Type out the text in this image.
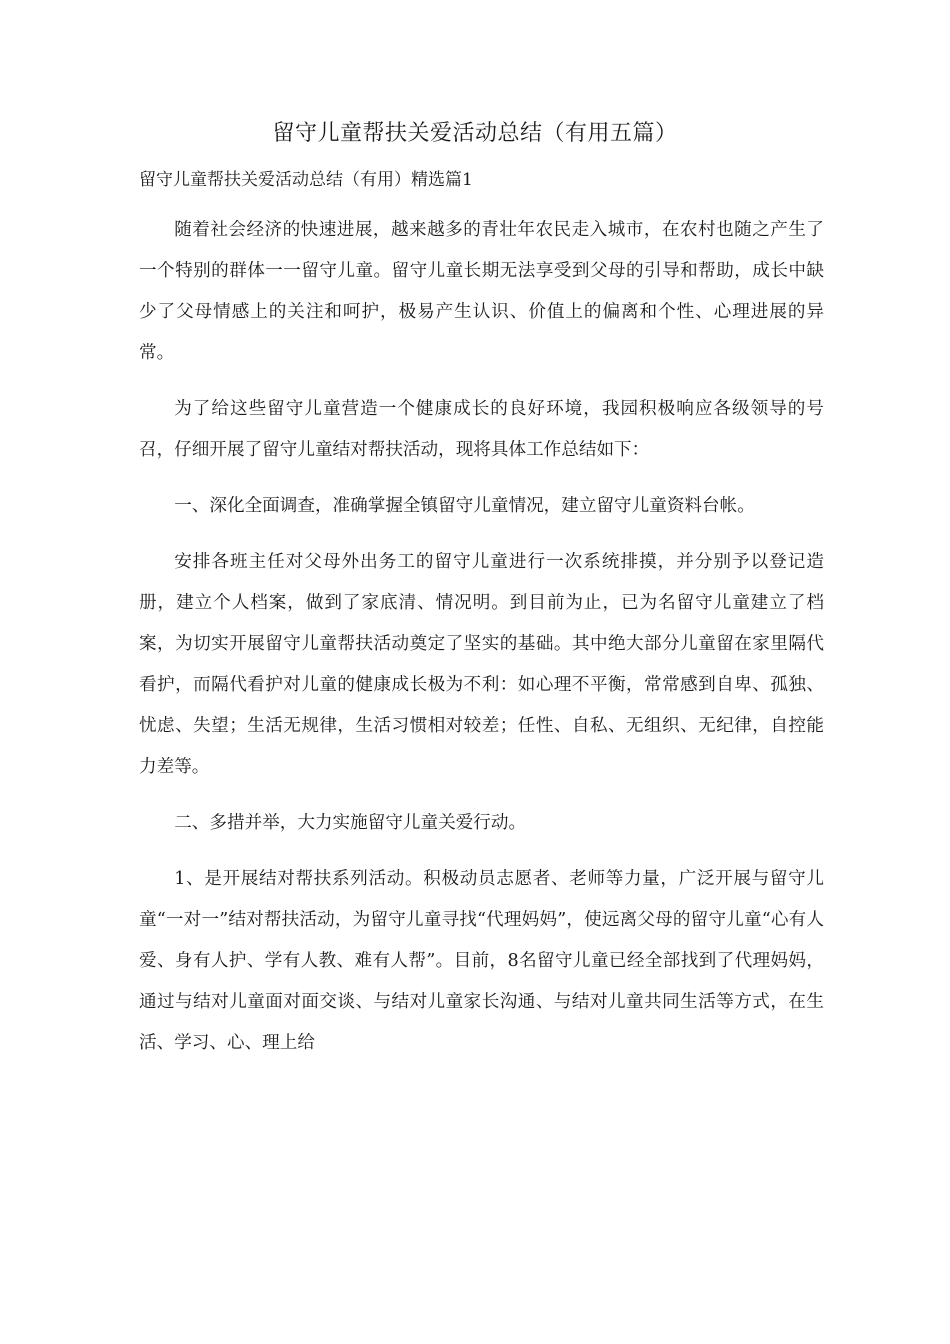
留守儿童帮扶关爱活动总结（有用五篇）

留守儿童帮扶关爱活动总结（有用）精选篇1

随着社会经济的快速进展，越来越多的青壮年农民走入城市，在农村也随之产生了一个特别的群体一一留守儿童。留守儿童长期无法享受到父母的引导和帮助，成长中缺少了父母情感上的关注和呵护，极易产生认识、价值上的偏离和个性、心理进展的异常。

为了给这些留守儿童营造一个健康成长的良好环境，我园积极响应各级领导的号召，仔细开展了留守儿童结对帮扶活动，现将具体工作总结如下：

一、深化全面调查，准确掌握全镇留守儿童情况，建立留守儿童资料台帐。

安排各班主任对父母外出务工的留守儿童进行一次系统排摸，并分别予以登记造册，建立个人档案，做到了家底清、情况明。到目前为止，已为名留守儿童建立了档案，为切实开展留守儿童帮扶活动奠定了坚实的基础。其中绝大部分儿童留在家里隔代看护，而隔代看护对儿童的健康成长极为不利：如心理不平衡，常常感到自卑、孤独、忧虑、失望；生活无规律，生活习惯相对较差；任性、自私、无组织、无纪律，自控能力差等。

二、多措并举，大力实施留守儿童关爱行动。

1、是开展结对帮扶系列活动。积极动员志愿者、老师等力量，广泛开展与留守儿童“一对一”结对帮扶活动，为留守儿童寻找“代理妈妈”，使远离父母的留守儿童“心有人爱、身有人护、学有人教、难有人帮”。目前，8名留守儿童已经全部找到了代理妈妈，通过与结对儿童面对面交谈、与结对儿童家长沟通、与结对儿童共同生活等方式，在生活、学习、心、理上给
